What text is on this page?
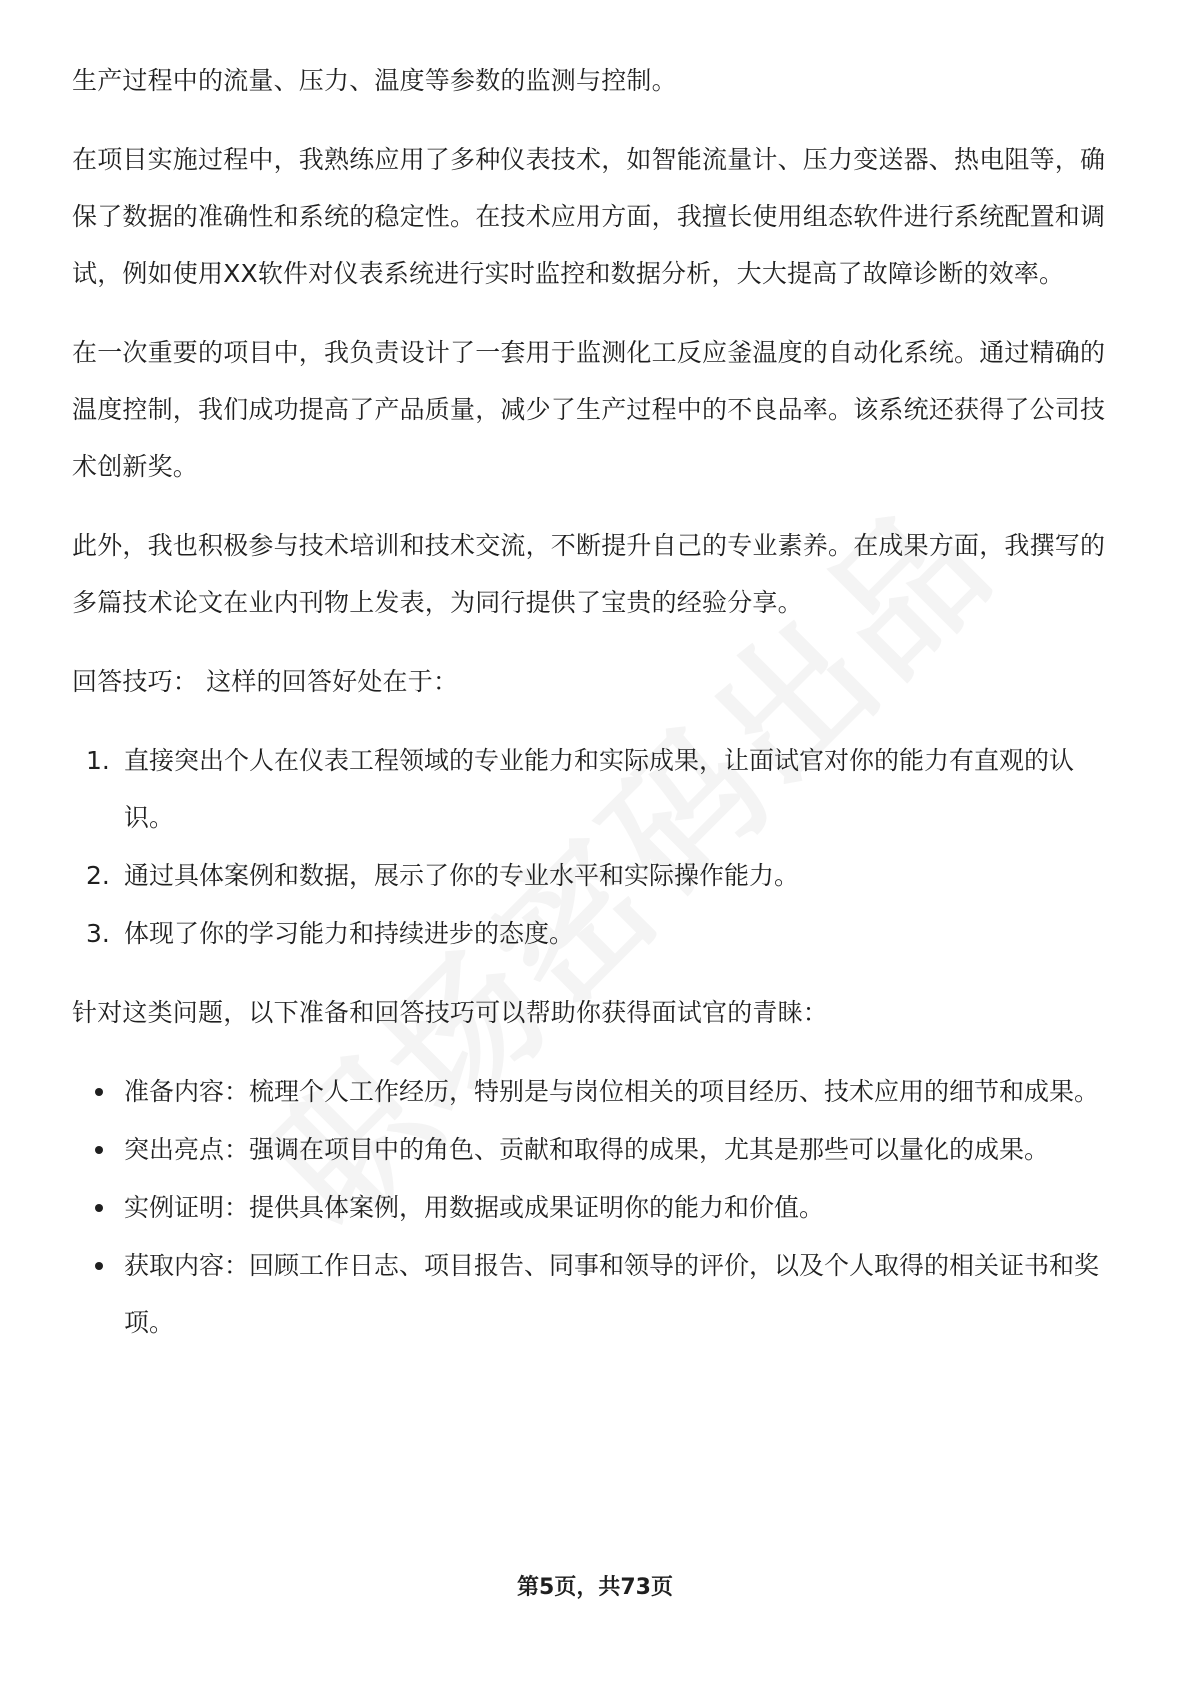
生产过程中的流量、压力、温度等参数的监测与控制。

在项目实施过程中，我熟练应用了多种仪表技术，如智能流量计、压力变送器、热电阻等，确保了数据的准确性和系统的稳定性。在技术应用方面，我擅长使用组态软件进行系统配置和调试，例如使用XX软件对仪表系统进行实时监控和数据分析，大大提高了故障诊断的效率。

在一次重要的项目中，我负责设计了一套用于监测化工反应釜温度的自动化系统。通过精确的温度控制，我们成功提高了产品质量，减少了生产过程中的不良品率。该系统还获得了公司技术创新奖。

此外，我也积极参与技术培训和技术交流，不断提升自己的专业素养。在成果方面，我撰写的多篇技术论文在业内刊物上发表，为同行提供了宝贵的经验分享。

回答技巧： 这样的回答好处在于：

1. 直接突出个人在仪表工程领域的专业能力和实际成果，让面试官对你的能力有直观的认识。
2. 通过具体案例和数据，展示了你的专业水平和实际操作能力。
3. 体现了你的学习能力和持续进步的态度。

针对这类问题，以下准备和回答技巧可以帮助你获得面试官的青睐：

准备内容：梳理个人工作经历，特别是与岗位相关的项目经历、技术应用的细节和成果。
突出亮点：强调在项目中的角色、贡献和取得的成果，尤其是那些可以量化的成果。
实例证明：提供具体案例，用数据或成果证明你的能力和价值。
获取内容：回顾工作日志、项目报告、同事和领导的评价，以及个人取得的相关证书和奖项。
第5页，共73页
